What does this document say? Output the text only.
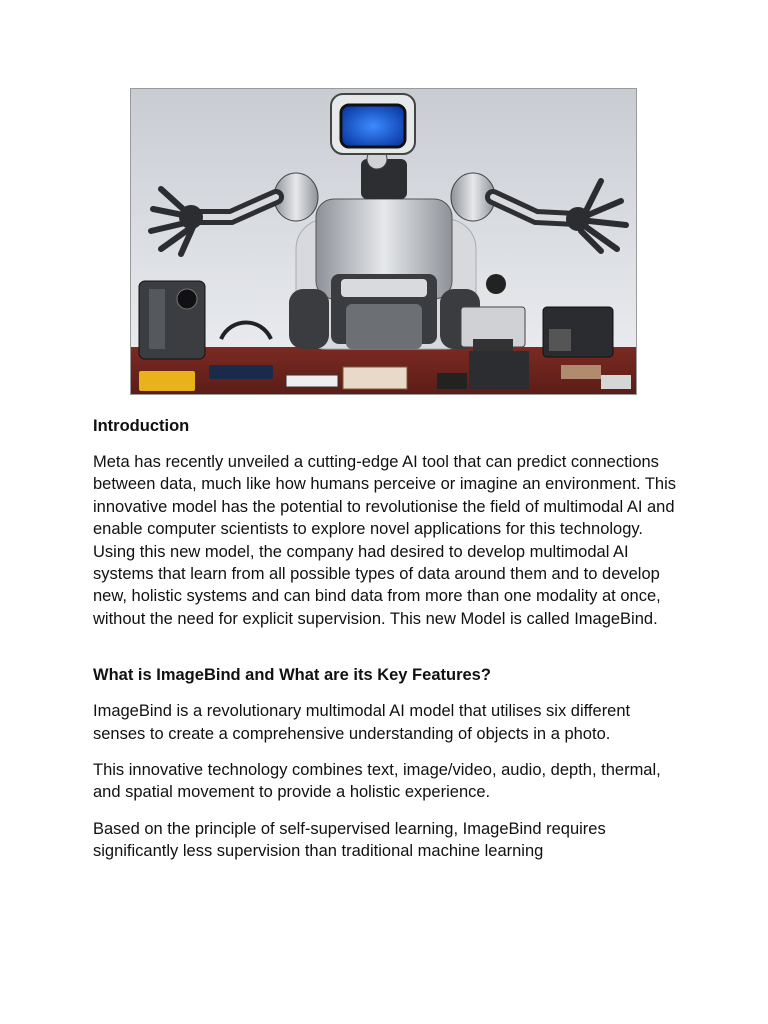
Introduction

Meta has recently unveiled a cutting-edge AI tool that can predict connections between data, much like how humans perceive or imagine an environment. This innovative model has the potential to revolutionise the field of multimodal AI and enable computer scientists to explore novel applications for this technology. Using this new model, the company had desired to develop multimodal AI systems that learn from all possible types of data around them and to develop new, holistic systems and can bind data from more than one modality at once, without the need for explicit supervision. This new Model is called ImageBind.

What is ImageBind and What are its Key Features?

ImageBind is a revolutionary multimodal AI model that utilises six different senses to create a comprehensive understanding of objects in a photo.

This innovative technology combines text, image/video, audio, depth, thermal, and spatial movement to provide a holistic experience.

Based on the principle of self-supervised learning, ImageBind requires significantly less supervision than traditional machine learning
